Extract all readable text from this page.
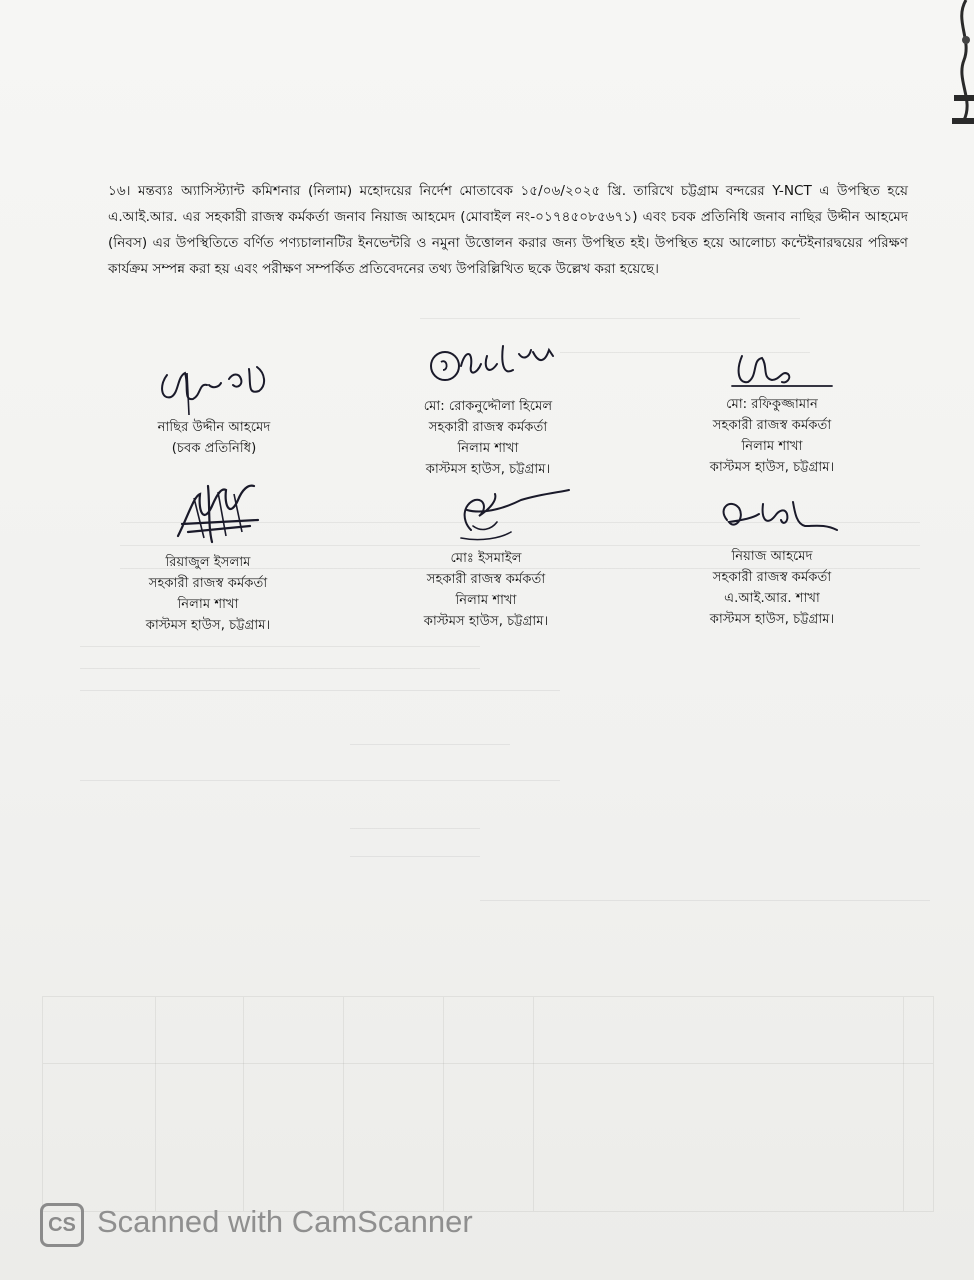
১৬। মন্তব্যঃ অ্যাসিস্ট্যান্ট কমিশনার (নিলাম) মহোদয়ের নির্দেশ মোতাবেক ১৫/০৬/২০২৫ খ্রি. তারিখে চট্টগ্রাম বন্দরের Y-NCT এ উপস্থিত হয়ে এ.আই.আর. এর সহকারী রাজস্ব কর্মকর্তা জনাব নিয়াজ আহমেদ (মোবাইল নং-০১৭৪৫০৮৫৬৭১) এবং চবক প্রতিনিধি জনাব নাছির উদ্দীন আহমেদ (নিবস) এর উপস্থিতিতে বর্ণিত পণ্যচালানটির ইনভেন্টরি ও নমুনা উত্তোলন করার জন্য উপস্থিত হই। উপস্থিত হয়ে আলোচ্য কন্টেইনারদ্বয়ের পরিক্ষণ কার্যক্রম সম্পন্ন করা হয় এবং পরীক্ষণ সম্পর্কিত প্রতিবেদনের তথ্য উপরিল্লিখিত ছকে উল্লেখ করা হয়েছে।
নাছির উদ্দীন আহমেদ
(চবক প্রতিনিধি)
মো: রোকনুদ্দৌলা হিমেল
সহকারী রাজস্ব কর্মকর্তা
নিলাম শাখা
কাস্টমস হাউস, চট্টগ্রাম।
মো: রফিকুজ্জামান
সহকারী রাজস্ব কর্মকর্তা
নিলাম শাখা
কাস্টমস হাউস, চট্টগ্রাম।
রিয়াজুল ইসলাম
সহকারী রাজস্ব কর্মকর্তা
নিলাম শাখা
কাস্টমস হাউস, চট্টগ্রাম।
মোঃ ইসমাইল
সহকারী রাজস্ব কর্মকর্তা
নিলাম শাখা
কাস্টমস হাউস, চট্টগ্রাম।
নিয়াজ আহমেদ
সহকারী রাজস্ব কর্মকর্তা
এ.আই.আর. শাখা
কাস্টমস হাউস, চট্টগ্রাম।
CS Scanned with CamScanner
